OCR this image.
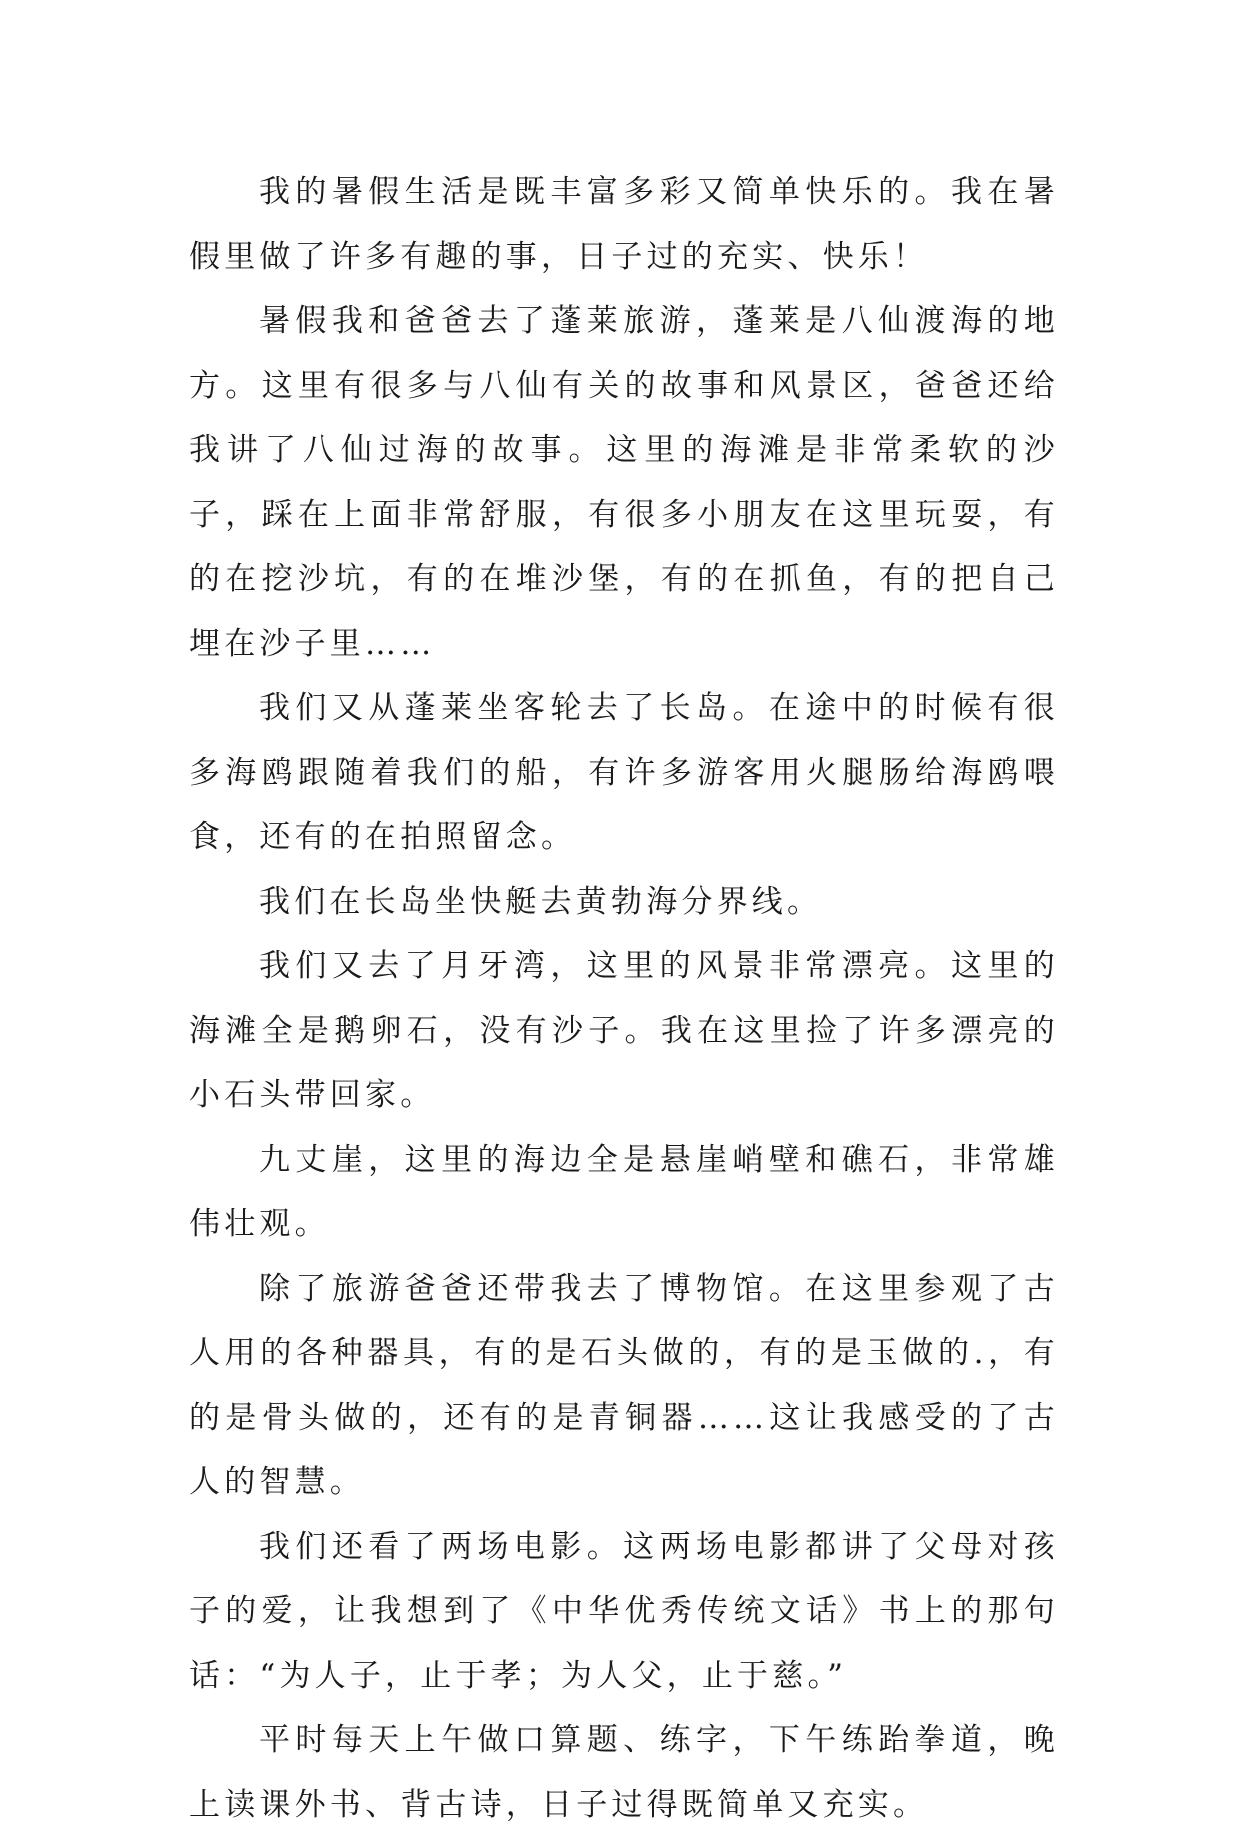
我的暑假生活是既丰富多彩又简单快乐的。我在暑假里做了许多有趣的事，日子过的充实、快乐！

暑假我和爸爸去了蓬莱旅游，蓬莱是八仙渡海的地方。这里有很多与八仙有关的故事和风景区，爸爸还给我讲了八仙过海的故事。这里的海滩是非常柔软的沙子，踩在上面非常舒服，有很多小朋友在这里玩耍，有的在挖沙坑，有的在堆沙堡，有的在抓鱼，有的把自己埋在沙子里……

我们又从蓬莱坐客轮去了长岛。在途中的时候有很多海鸥跟随着我们的船，有许多游客用火腿肠给海鸥喂食，还有的在拍照留念。

我们在长岛坐快艇去黄勃海分界线。

我们又去了月牙湾，这里的风景非常漂亮。这里的海滩全是鹅卵石，没有沙子。我在这里捡了许多漂亮的小石头带回家。

九丈崖，这里的海边全是悬崖峭壁和礁石，非常雄伟壮观。

除了旅游爸爸还带我去了博物馆。在这里参观了古人用的各种器具，有的是石头做的，有的是玉做的.，有的是骨头做的，还有的是青铜器……这让我感受的了古人的智慧。

我们还看了两场电影。这两场电影都讲了父母对孩子的爱，让我想到了《中华优秀传统文话》书上的那句话：“为人子，止于孝；为人父，止于慈。”

平时每天上午做口算题、练字，下午练跆拳道，晚上读课外书、背古诗，日子过得既简单又充实。
